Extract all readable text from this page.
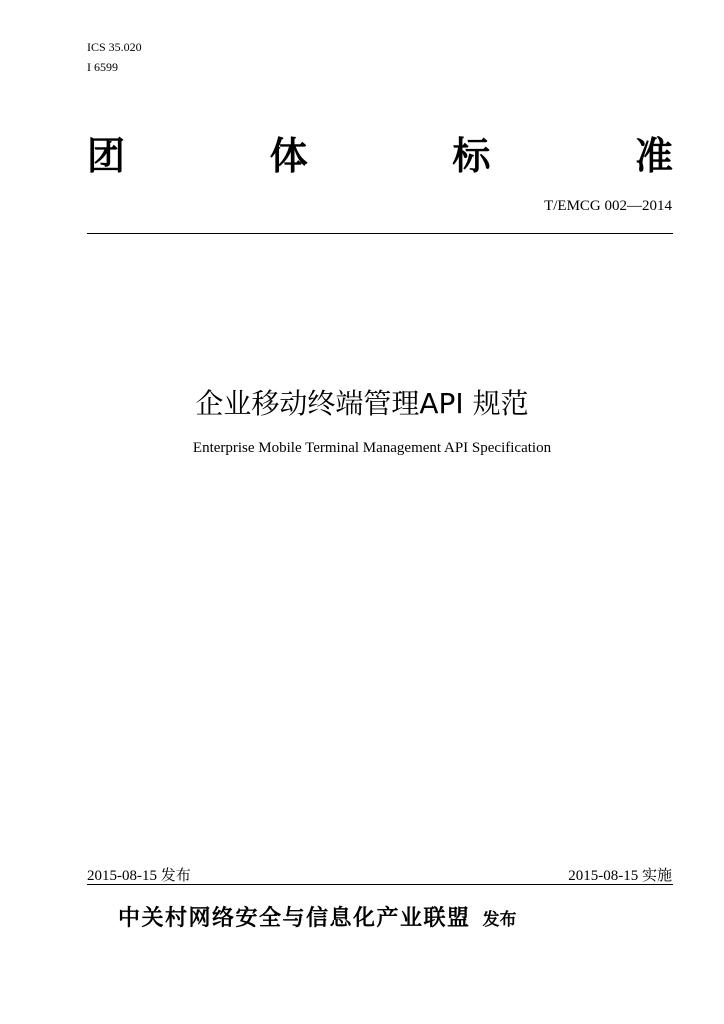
ICS 35.020
I 6599
团	体	标	准
T/EMCG 002—2014
企业移动终端管理API 规范
Enterprise Mobile Terminal Management API Specification
2015-08-15 发布	2015-08-15 实施
中关村网络安全与信息化产业联盟 发布
